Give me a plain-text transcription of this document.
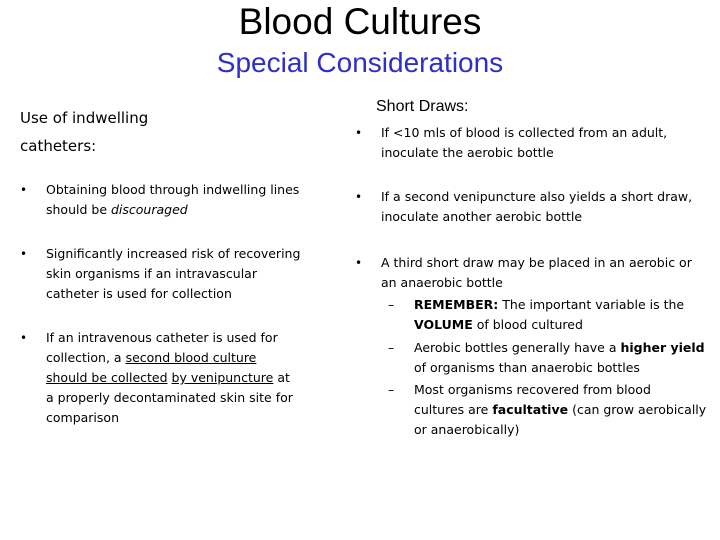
Blood Cultures
Special Considerations
Use of indwelling
catheters:
•	Obtaining blood through indwelling lines
should be discouraged
•	Significantly increased risk of recovering
skin organisms if an intravascular
catheter is used for collection
•	If an intravenous catheter is used for
collection, a second blood culture
should be collected by venipuncture at
a properly decontaminated skin site for
comparison
Short Draws:
•	If <10 mls of blood is collected from an adult,
inoculate the aerobic bottle
•	If a second venipuncture also yields a short draw,
inoculate another aerobic bottle
•	A third short draw may be placed in an aerobic or
an anaerobic bottle
–	REMEMBER: The important variable is the
VOLUME of blood cultured
–	Aerobic bottles generally have a higher yield
of organisms than anaerobic bottles
–	Most organisms recovered from blood
cultures are facultative (can grow aerobically
or anaerobically)
